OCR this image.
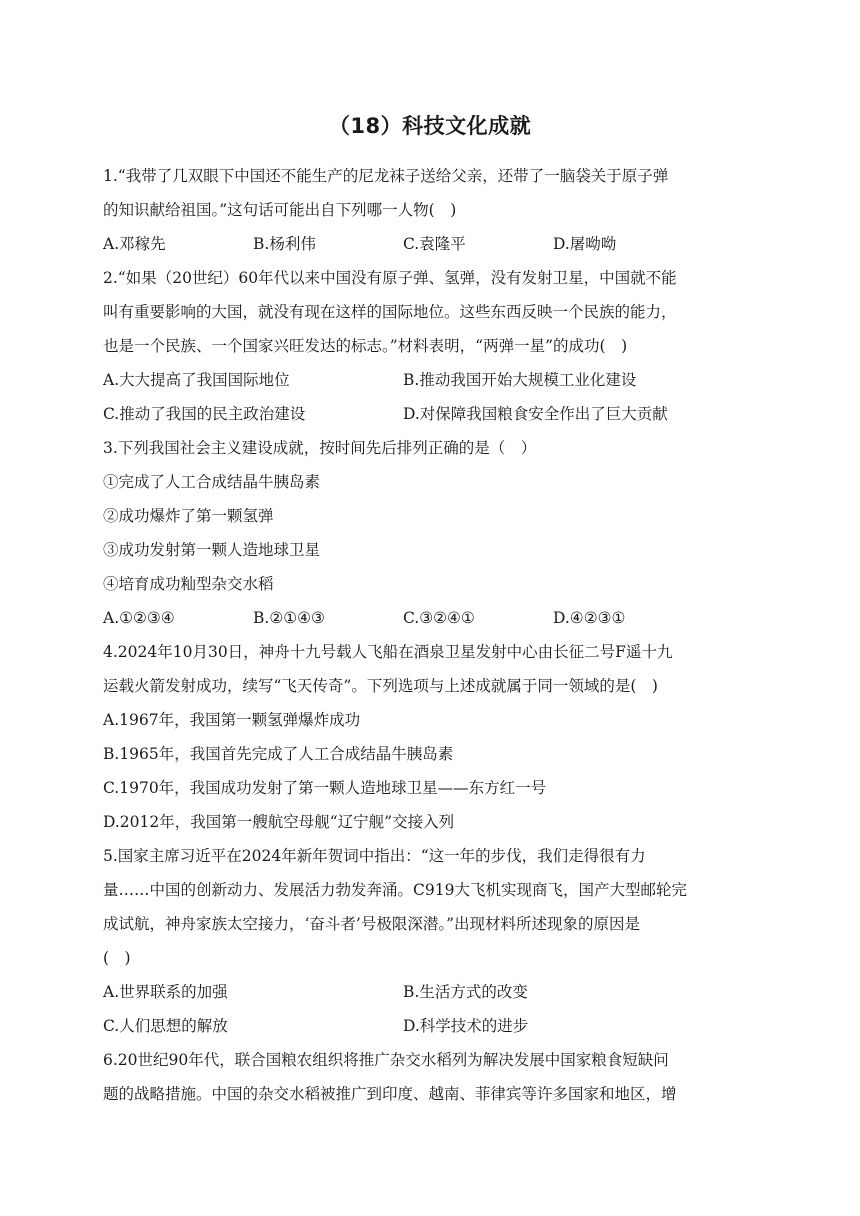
（18）科技文化成就
1.“我带了几双眼下中国还不能生产的尼龙袜子送给父亲，还带了一脑袋关于原子弹
的知识献给祖国。”这句话可能出自下列哪一人物(　)
A.邓稼先	B.杨利伟	C.袁隆平	D.屠呦呦
2.“如果（20世纪）60年代以来中国没有原子弹、氢弹，没有发射卫星，中国就不能
叫有重要影响的大国，就没有现在这样的国际地位。这些东西反映一个民族的能力，
也是一个民族、一个国家兴旺发达的标志。”材料表明，“两弹一星”的成功(　)
A.大大提高了我国国际地位	B.推动我国开始大规模工业化建设
C.推动了我国的民主政治建设	D.对保障我国粮食安全作出了巨大贡献
3.下列我国社会主义建设成就，按时间先后排列正确的是（　）
①完成了人工合成结晶牛胰岛素
②成功爆炸了第一颗氢弹
③成功发射第一颗人造地球卫星
④培育成功籼型杂交水稻
A.①②③④	B.②①④③	C.③②④①	D.④②③①
4.2024年10月30日，神舟十九号载人飞船在酒泉卫星发射中心由长征二号F遥十九
运载火箭发射成功，续写“飞天传奇”。下列选项与上述成就属于同一领域的是(　)
A.1967年，我国第一颗氢弹爆炸成功
B.1965年，我国首先完成了人工合成结晶牛胰岛素
C.1970年，我国成功发射了第一颗人造地球卫星——东方红一号
D.2012年，我国第一艘航空母舰“辽宁舰”交接入列
5.国家主席习近平在2024年新年贺词中指出：“这一年的步伐，我们走得很有力
量……中国的创新动力、发展活力勃发奔涌。C919大飞机实现商飞，国产大型邮轮完
成试航，神舟家族太空接力，‘奋斗者’号极限深潜。”出现材料所述现象的原因是
(　)
A.世界联系的加强	B.生活方式的改变
C.人们思想的解放	D.科学技术的进步
6.20世纪90年代，联合国粮农组织将推广杂交水稻列为解决发展中国家粮食短缺问
题的战略措施。中国的杂交水稻被推广到印度、越南、菲律宾等许多国家和地区，增
